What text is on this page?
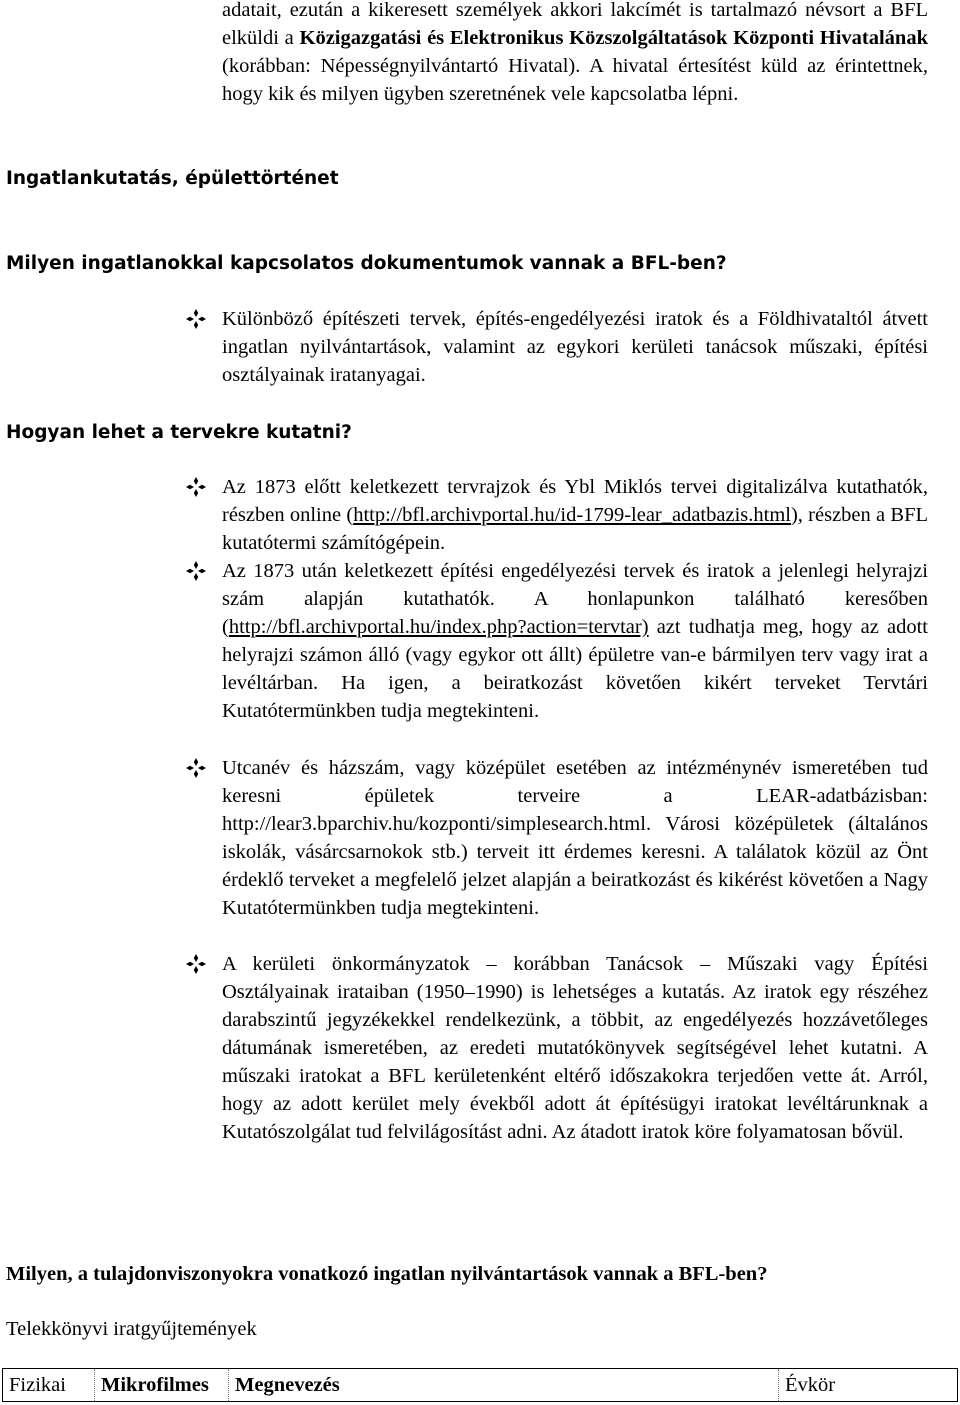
adatait, ezután a kikeresett személyek akkori lakcímét is tartalmazó névsort a BFL elküldi a Közigazgatási és Elektronikus Közszolgáltatások Központi Hivatalának (korábban: Népességnyilvántartó Hivatal). A hivatal értesítést küld az érintettnek, hogy kik és milyen ügyben szeretnének vele kapcsolatba lépni.
Ingatlankutatás, épülettörténet
Milyen ingatlanokkal kapcsolatos dokumentumok vannak a BFL-ben?
Különböző építészeti tervek, építés-engedélyezési iratok és a Földhivataltól átvett ingatlan nyilvántartások, valamint az egykori kerületi tanácsok műszaki, építési osztályainak iratanyagai.
Hogyan lehet a tervekre kutatni?
Az 1873 előtt keletkezett tervrajzok és Ybl Miklós tervei digitalizálva kutathatók, részben online (http://bfl.archivportal.hu/id-1799-lear_adatbazis.html), részben a BFL kutatótermi számítógépein.
Az 1873 után keletkezett építési engedélyezési tervek és iratok a jelenlegi helyrajzi szám alapján kutathatók. A honlapunkon található keresőben (http://bfl.archivportal.hu/index.php?action=tervtar) azt tudhatja meg, hogy az adott helyrajzi számon álló (vagy egykor ott állt) épületre van-e bármilyen terv vagy irat a levéltárban. Ha igen, a beiratkozást követően kikért terveket Tervtári Kutatótermünkben tudja megtekinteni.
Utcanév és házszám, vagy középület esetében az intézménynév ismeretében tud keresni épületek terveire a LEAR-adatbázisban: http://lear3.bparchiv.hu/kozponti/simplesearch.html. Városi középületek (általános iskolák, vásárcsarnokok stb.) terveit itt érdemes keresni. A találatok közül az Önt érdeklő terveket a megfelelő jelzet alapján a beiratkozást és kikérést követően a Nagy Kutatótermünkben tudja megtekinteni.
A kerületi önkormányzatok – korábban Tanácsok – Műszaki vagy Építési Osztályainak irataiban (1950–1990) is lehetséges a kutatás. Az iratok egy részéhez darabszintű jegyzékekkel rendelkezünk, a többit, az engedélyezés hozzávetőleges dátumának ismeretében, az eredeti mutatókönyvek segítségével lehet kutatni. A műszaki iratokat a BFL kerületenként eltérő időszakokra terjedően vette át. Arról, hogy az adott kerület mely évekből adott át építésügyi iratokat levéltárunknak a Kutatószolgálat tud felvilágosítást adni. Az átadott iratok köre folyamatosan bővül.
Milyen, a tulajdonviszonyokra vonatkozó ingatlan nyilvántartások vannak a BFL-ben?
Telekkönyvi iratgyűjtemények
Fizikai	Mikrofilmes	Megnevezés	Évkör
